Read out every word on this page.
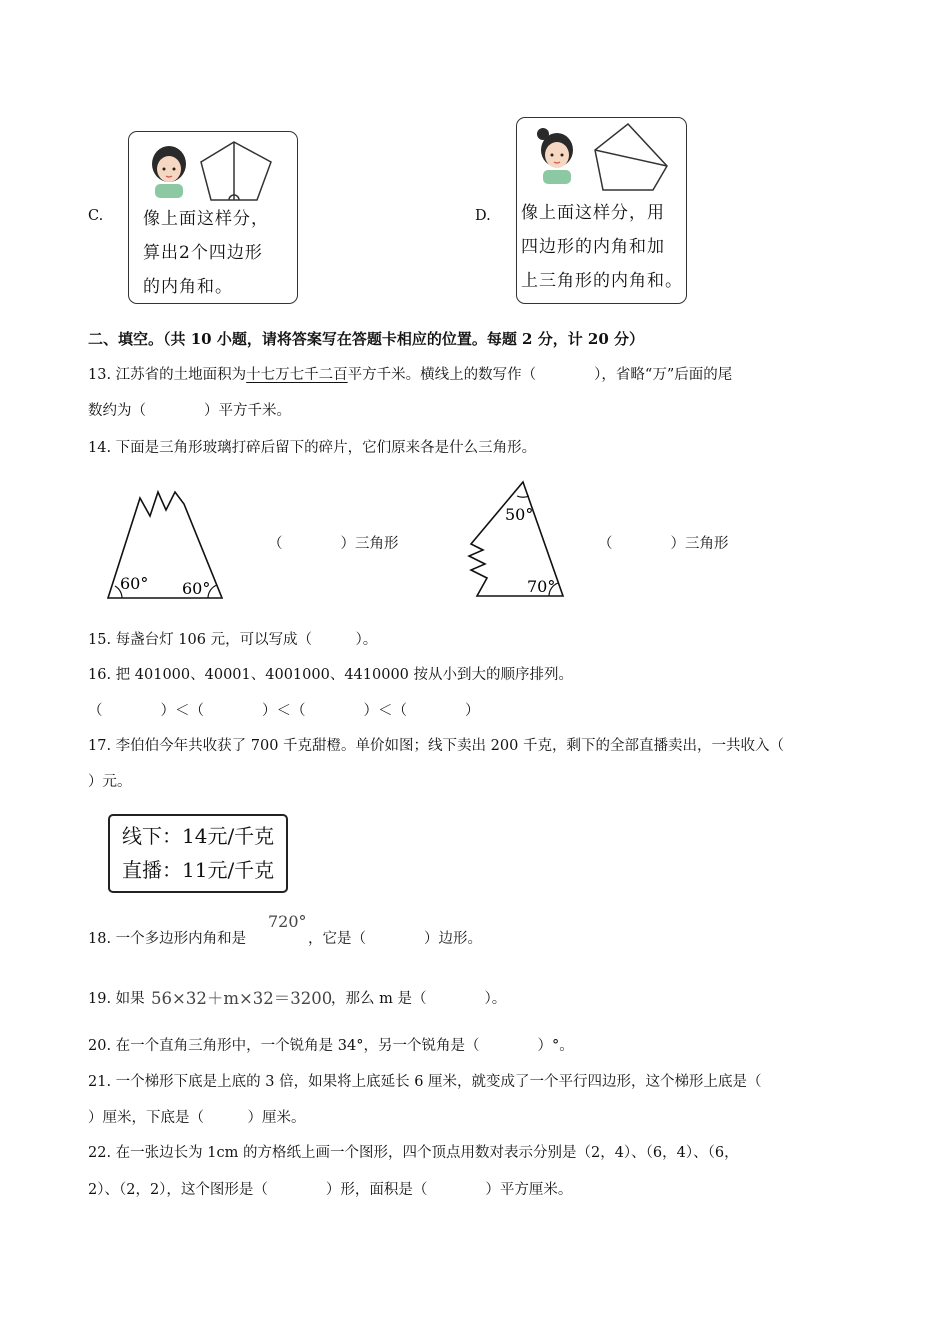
C. 像上面这样分，
算出2个四边形
的内角和。
D. 像上面这样分，用
四边形的内角和加
上三角形的内角和。
二、填空。（共 10 小题，请将答案写在答题卡相应的位置。每题 2 分，计 20 分）
13. 江苏省的土地面积为十七万七千二百平方千米。横线上的数写作（　　　　），省略“万”后面的尾
数约为（　　　　）平方千米。
14. 下面是三角形玻璃打碎后留下的碎片，它们原来各是什么三角形。
60° 60°
（　　　　）三角形
50°
70°
（　　　　）三角形
15. 每盏台灯 106 元，可以写成（　　　）。
16. 把 401000、40001、4001000、4410000 按从小到大的顺序排列。
（　　　　）＜（　　　　）＜（　　　　）＜（　　　　）
17. 李伯伯今年共收获了 700 千克甜橙。单价如图；线下卖出 200 千克，剩下的全部直播卖出，一共收入（
）元。
线下：14元/千克
直播：11元/千克
18. 一个多边形内角和是
720°
，它是（　　　　）边形。
19. 如果 56×32＋m×32＝3200
，那么 m 是（　　　　）。
20. 在一个直角三角形中，一个锐角是 34°，另一个锐角是（　　　　）°。
21. 一个梯形下底是上底的 3 倍，如果将上底延长 6 厘米，就变成了一个平行四边形，这个梯形上底是（
）厘米，下底是（　　　）厘米。
22. 在一张边长为 1cm 的方格纸上画一个图形，四个顶点用数对表示分别是（2，4）、（6，4）、（6，
2）、（2，2），这个图形是（　　　　）形，面积是（　　　　）平方厘米。
